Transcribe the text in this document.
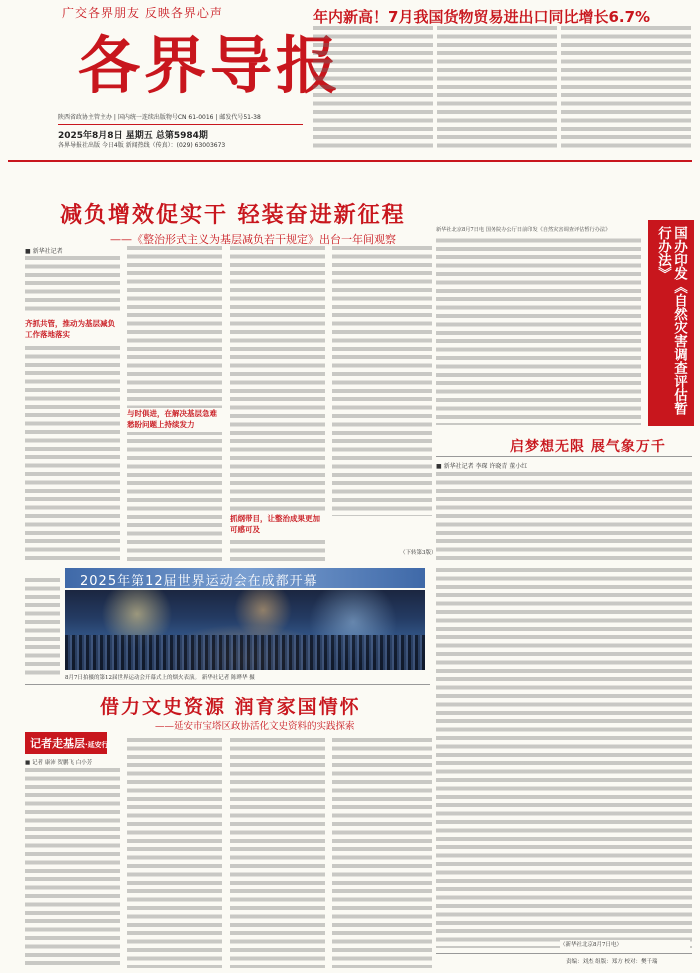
广交各界朋友 反映各界心声
各界导报
陕西省政协主管主办 | 国内统一连续出版物号CN 61-0016 | 邮发代号51-38
2025年8月8日 星期五 总第5984期
各界导报社出版 今日4版 新闻热线（传真）：(029) 63003673
年内新高！7月我国货物贸易进出口同比增长6.7%
减负增效促实干 轻装奋进新征程
——《整治形式主义为基层减负若干规定》出台一年间观察
■ 新华社记者
齐抓共管，推动为基层减负工作落地落实
与时俱进，在解决基层急难愁盼问题上持续发力
抓纲带目，让整治成果更加可感可及
（下转第3版）
新华社北京8月7日电 国务院办公厅日前印发《自然灾害调查评估暂行办法》	国办印发《自然灾害调查评估暂行办法》
启梦想无限 展气象万千
■ 新华社记者 李琛 许晓青 董小红
2025年第12届世界运动会在成都开幕
8月7日拍摄的第12届世界运动会开幕式上的烟火表演。 新华社记者 陈晔华 摄
借力文史资源 润育家国情怀
——延安市宝塔区政协活化文史资料的实践探索
记者走基层·延安行
■ 记者 康沛 贺鹏飞 白小芳
（新华社北京8月7日电）
责编：刘杰 组版：郑方 校对：樊千瑞
